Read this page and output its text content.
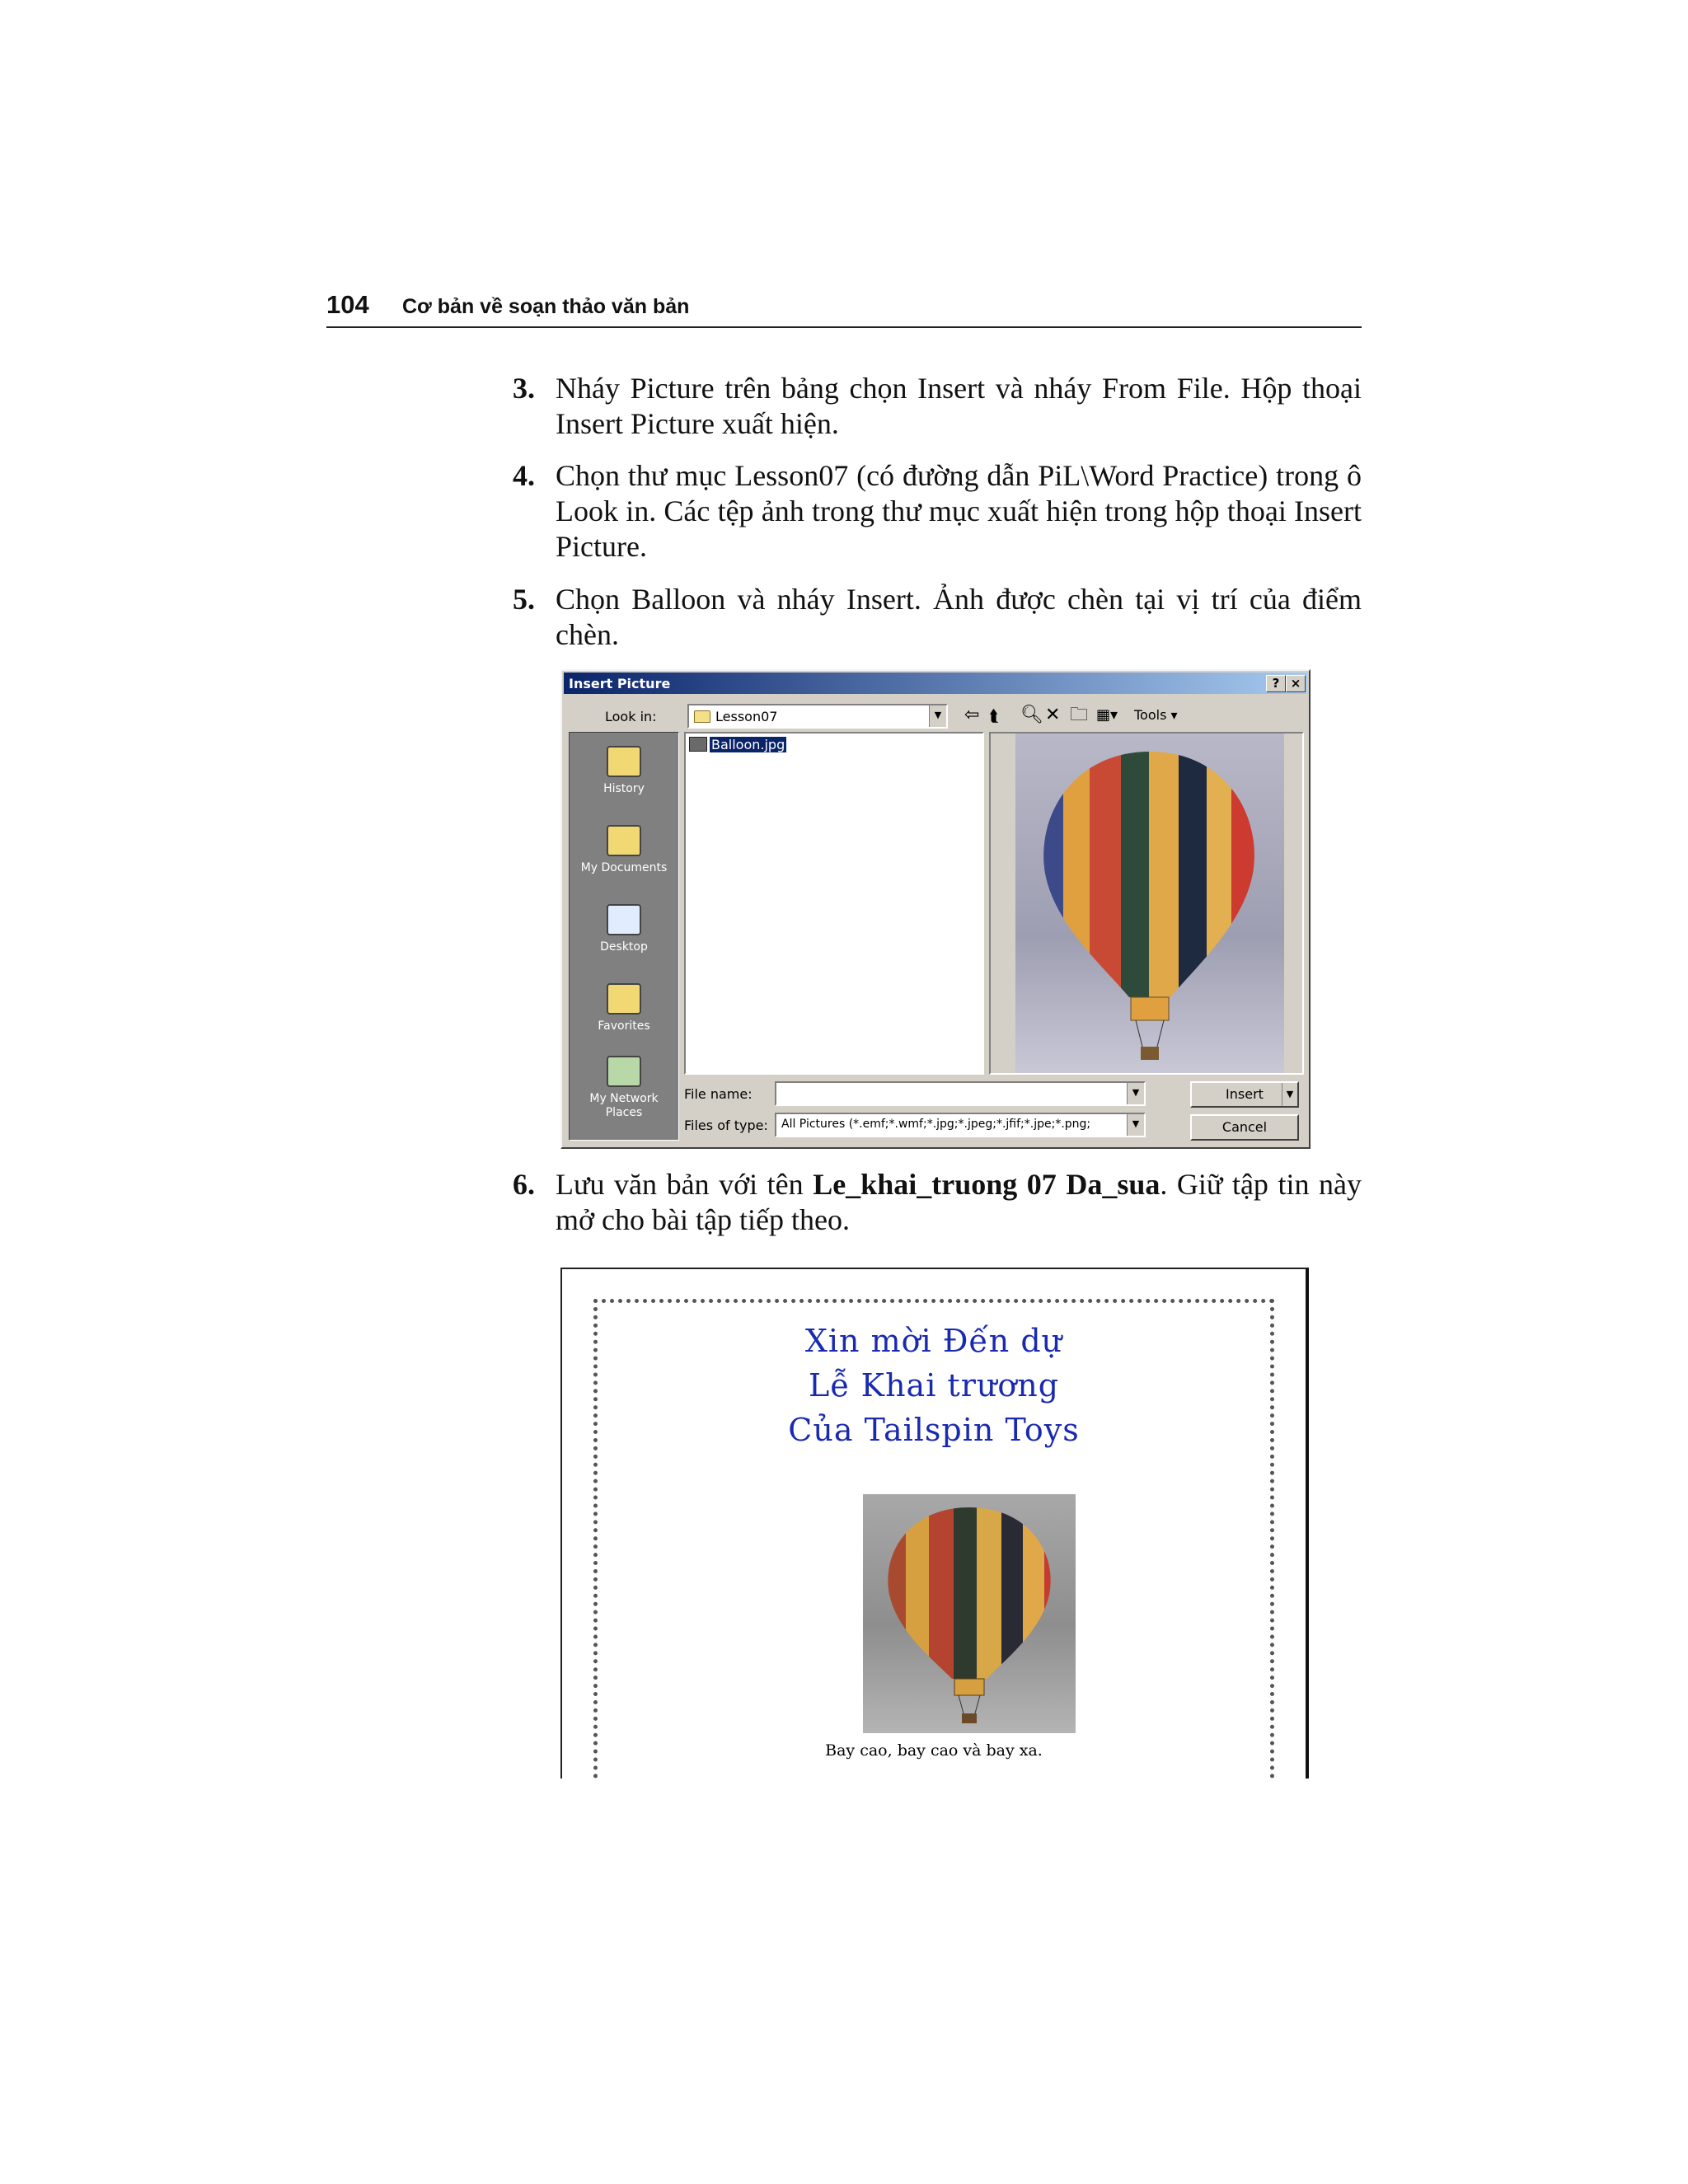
104 Cơ bản về soạn thảo văn bản
3. Nháy Picture trên bảng chọn Insert và nháy From File. Hộp thoại Insert Picture xuất hiện.
4. Chọn thư mục Lesson07 (có đường dẫn PiL\Word Practice) trong ô Look in. Các tệp ảnh trong thư mục xuất hiện trong hộp thoại Insert Picture.
5. Chọn Balloon và nháy Insert. Ảnh được chèn tại vị trí của điểm chèn.
Insert Picture	? ×
Look in:	Lesson07	▼ ⇦ ⮬ 🔍︎ ✕ 🗀 ▦▾ Tools ▾
History
My Documents
Desktop
Favorites
My Network Places
Balloon.jpg
File name:	▼
Files of type: All Pictures (*.emf;*.wmf;*.jpg;*.jpeg;*.jfif;*.jpe;*.png;	▼
Insert	▼
Cancel
6. Lưu văn bản với tên Le_khai_truong 07 Da_sua. Giữ tập tin này mở cho bài tập tiếp theo.
Xin mời Đến dự
Lễ Khai trương
Của Tailspin Toys
Bay cao, bay cao và bay xa.
